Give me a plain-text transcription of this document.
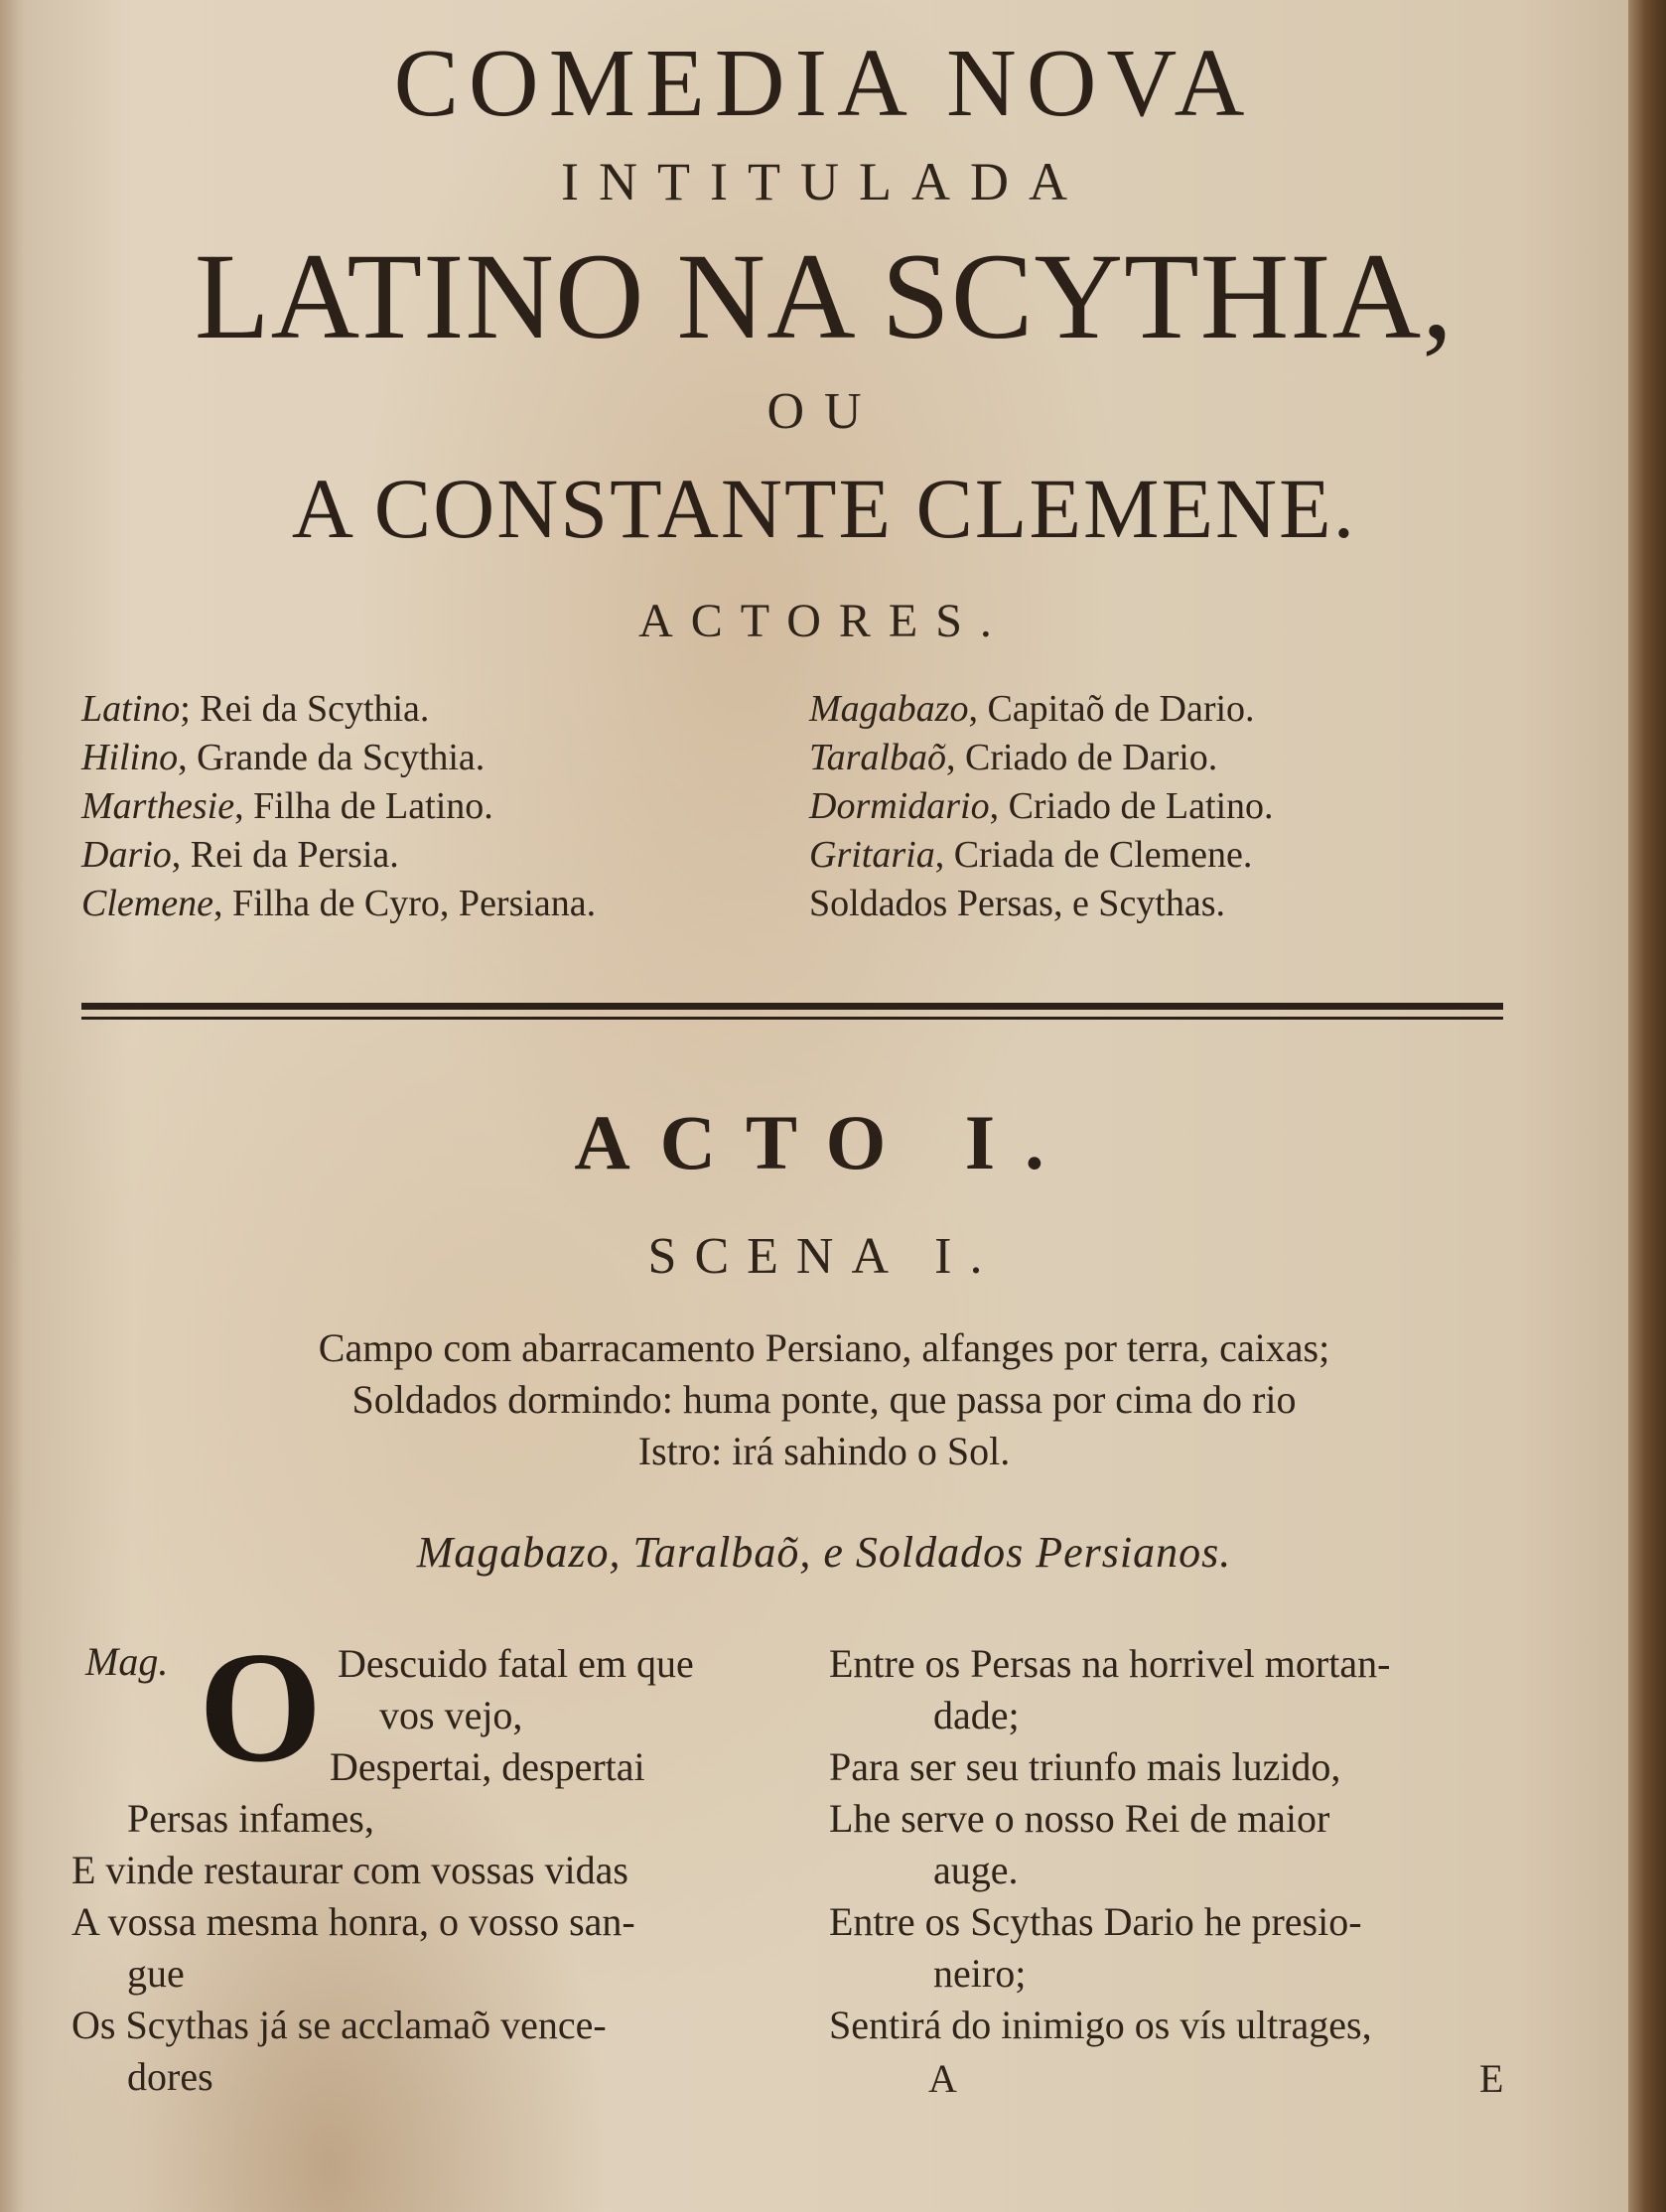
COMEDIA NOVA
INTITULADA
LATINO NA SCYTHIA,
OU
A CONSTANTE CLEMENE.
ACTORES.
Latino; Rei da Scythia.
Hilino, Grande da Scythia.
Marthesie, Filha de Latino.
Dario, Rei da Persia.
Clemene, Filha de Cyro, Persiana.
Magabazo, Capitaõ de Dario.
Taralbaõ, Criado de Dario.
Dormidario, Criado de Latino.
Gritaria, Criada de Clemene.
Soldados Persas, e Scythas.
ACTO I.
SCENA I.
Campo com abarracamento Persiano, alfanges por terra, caixas;
Soldados dormindo: huma ponte, que passa por cima do rio
Istro: irá sahindo o Sol.
Magabazo, Taralbaõ, e Soldados Persianos.
Mag. O Descuido fatal em que
vos vejo,
Despertai, despertai
Persas infames,
E vinde restaurar com vossas vidas
A vossa mesma honra, o vosso san-
gue
Os Scythas já se acclamaõ vence-
dores
Entre os Persas na horrivel mortan-
dade;
Para ser seu triunfo mais luzido,
Lhe serve o nosso Rei de maior
auge.
Entre os Scythas Dario he presio-
neiro;
Sentirá do inimigo os vís ultrages,
A	E
